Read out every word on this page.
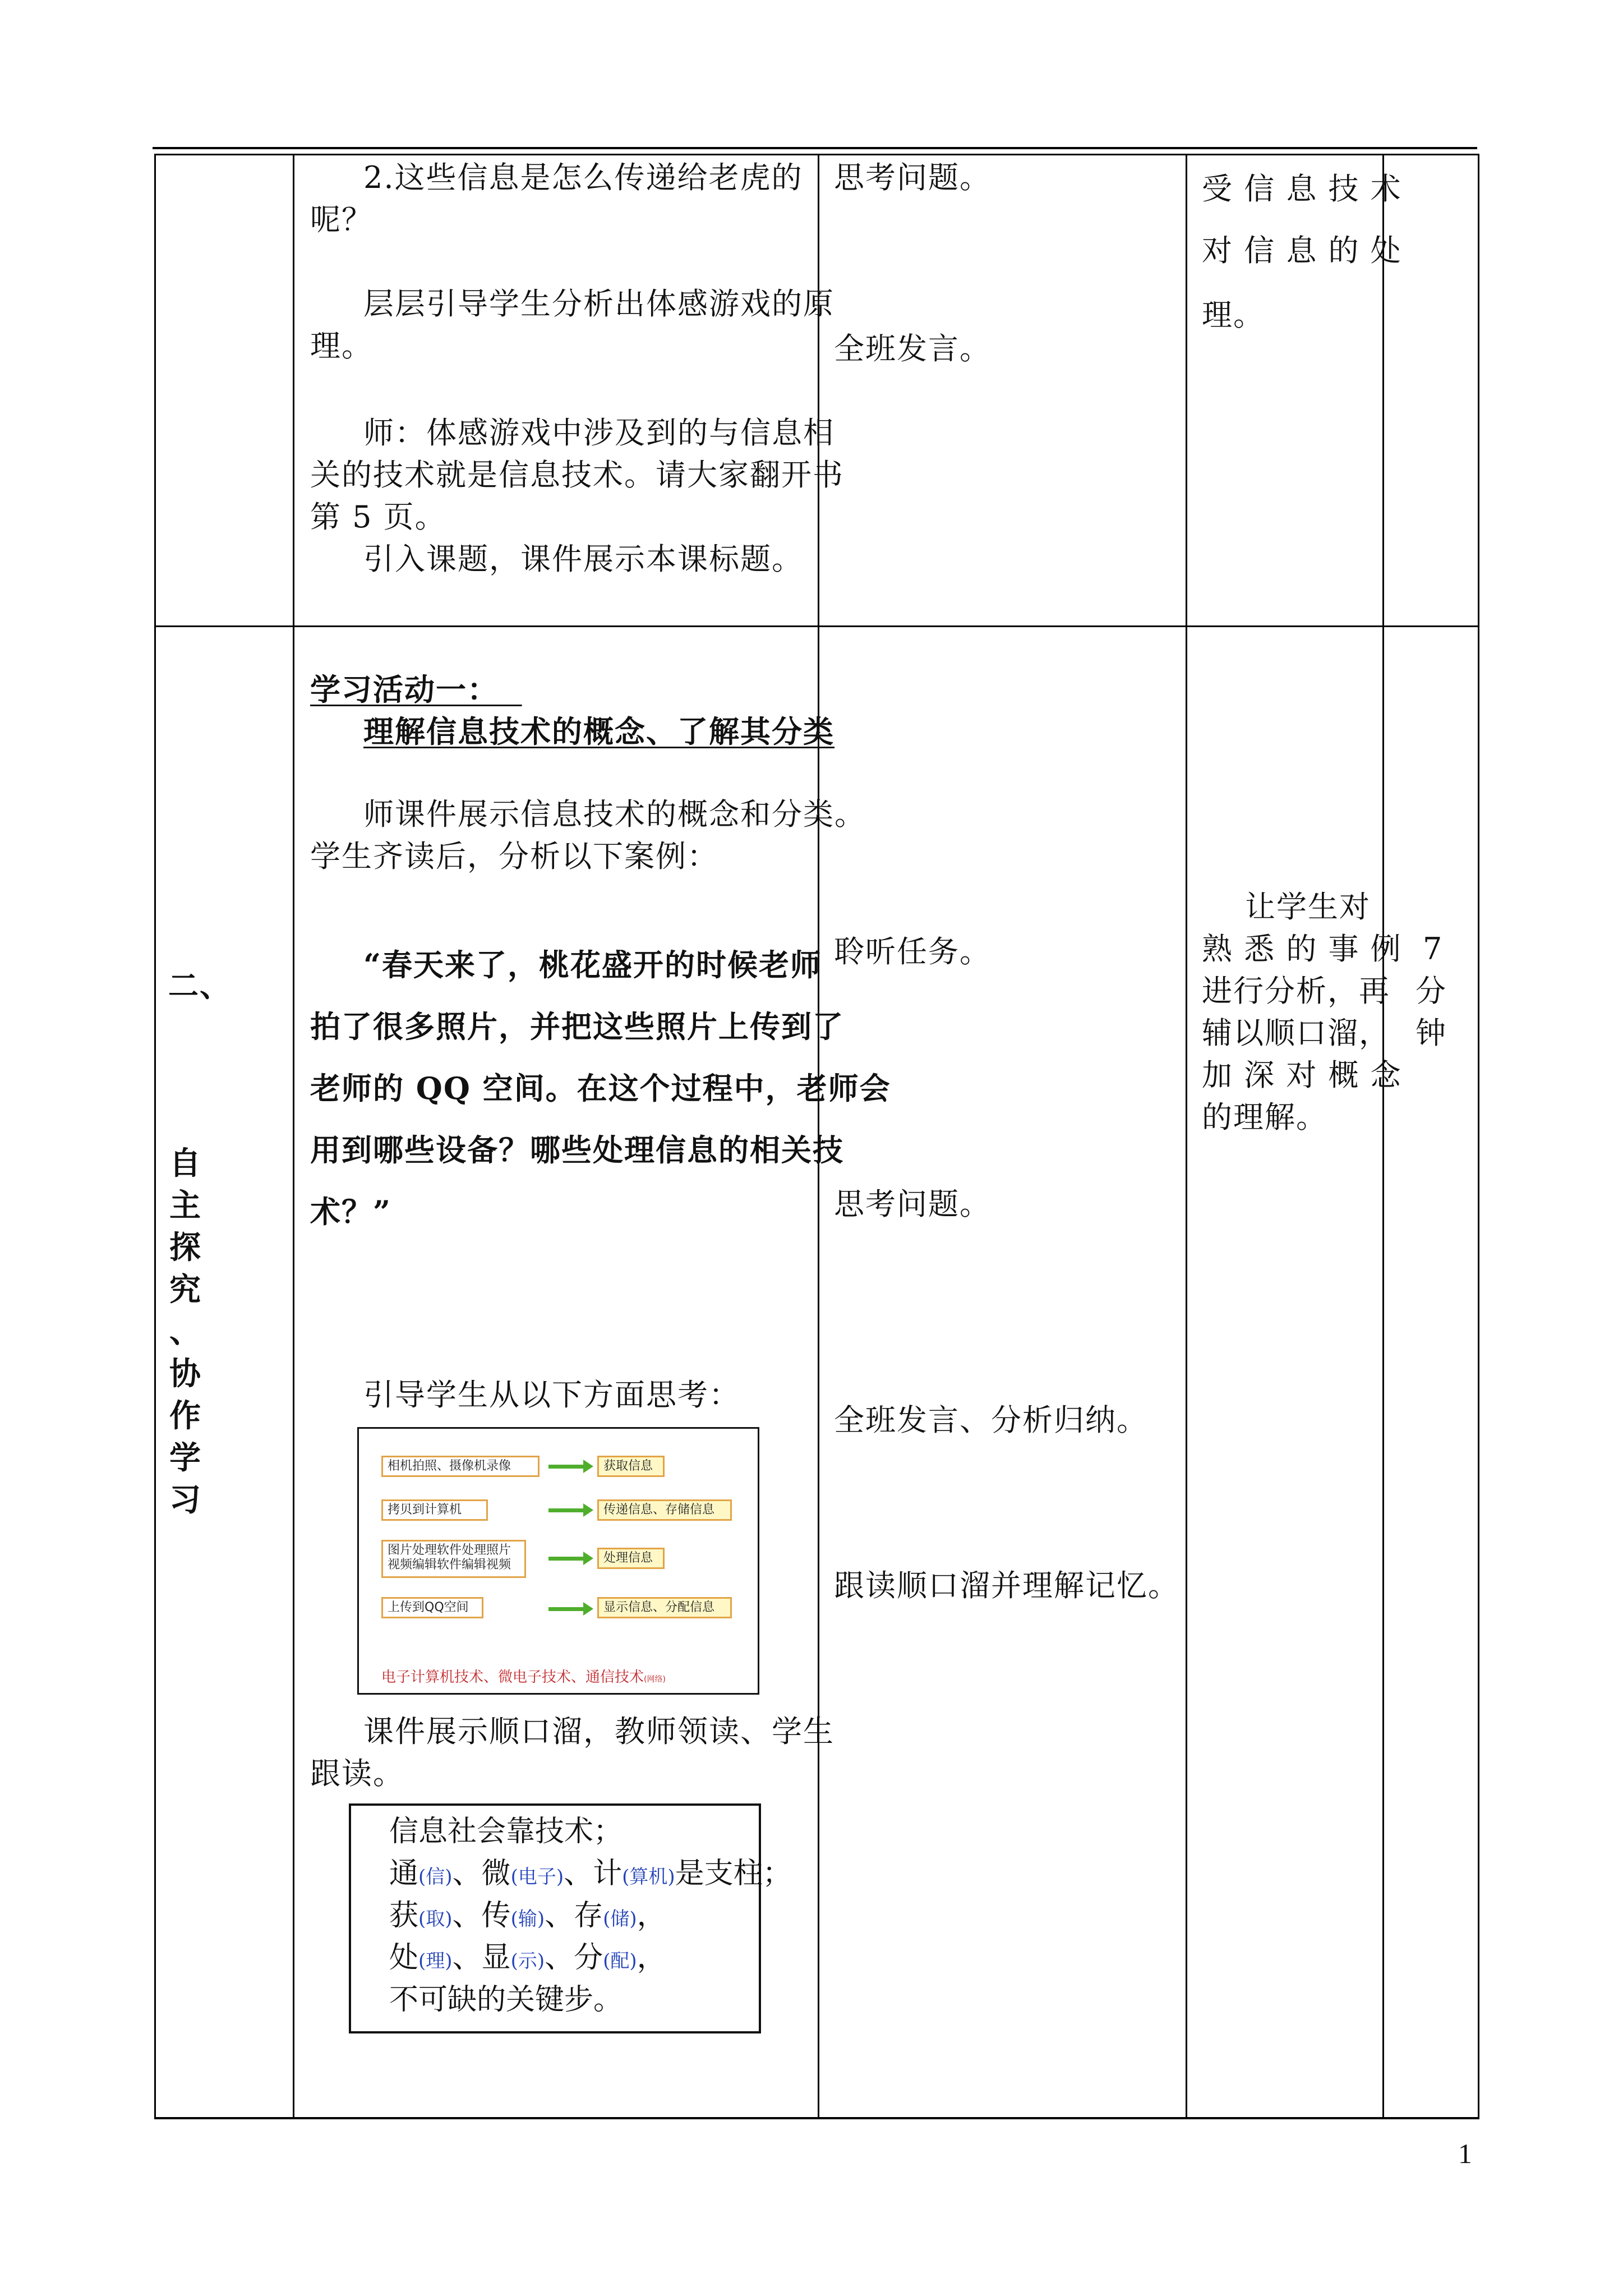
2.这些信息是怎么传递给老虎的
呢？
层层引导学生分析出体感游戏的原
理。
师：体感游戏中涉及到的与信息相
关的技术就是信息技术。请大家翻开书
第 5 页。
引入课题，课件展示本课标题。
思考问题。
全班发言。
受 信 息 技 术
对 信 息 的 处
理。
二、
自
主
探
究
、
协
作
学
习
学习活动一：
理解信息技术的概念、了解其分类
师课件展示信息技术的概念和分类。
学生齐读后，分析以下案例：
“春天来了，桃花盛开的时候老师
拍了很多照片，并把这些照片上传到了
老师的 QQ 空间。在这个过程中，老师会
用到哪些设备？哪些处理信息的相关技
术？”
引导学生从以下方面思考：
相机拍照、摄像机录像
拷贝到计算机
图片处理软件处理照片
视频编辑软件编辑视频
上传到QQ空间
获取信息
传递信息、存储信息
处理信息
显示信息、分配信息
电子计算机技术、微电子技术、通信技术(网络)
课件展示顺口溜，教师领读、学生
跟读。
信息社会靠技术；
通(信)、微(电子)、计(算机)是支柱；
获(取)、传(输)、存(储)，
处(理)、显(示)、分(配)，
不可缺的关键步。
聆听任务。
思考问题。
全班发言、分析归纳。
跟读顺口溜并理解记忆。
让学生对
熟 悉 的 事 例
进行分析，再
辅以顺口溜，
加 深 对 概 念
的理解。
7
分
钟
1
